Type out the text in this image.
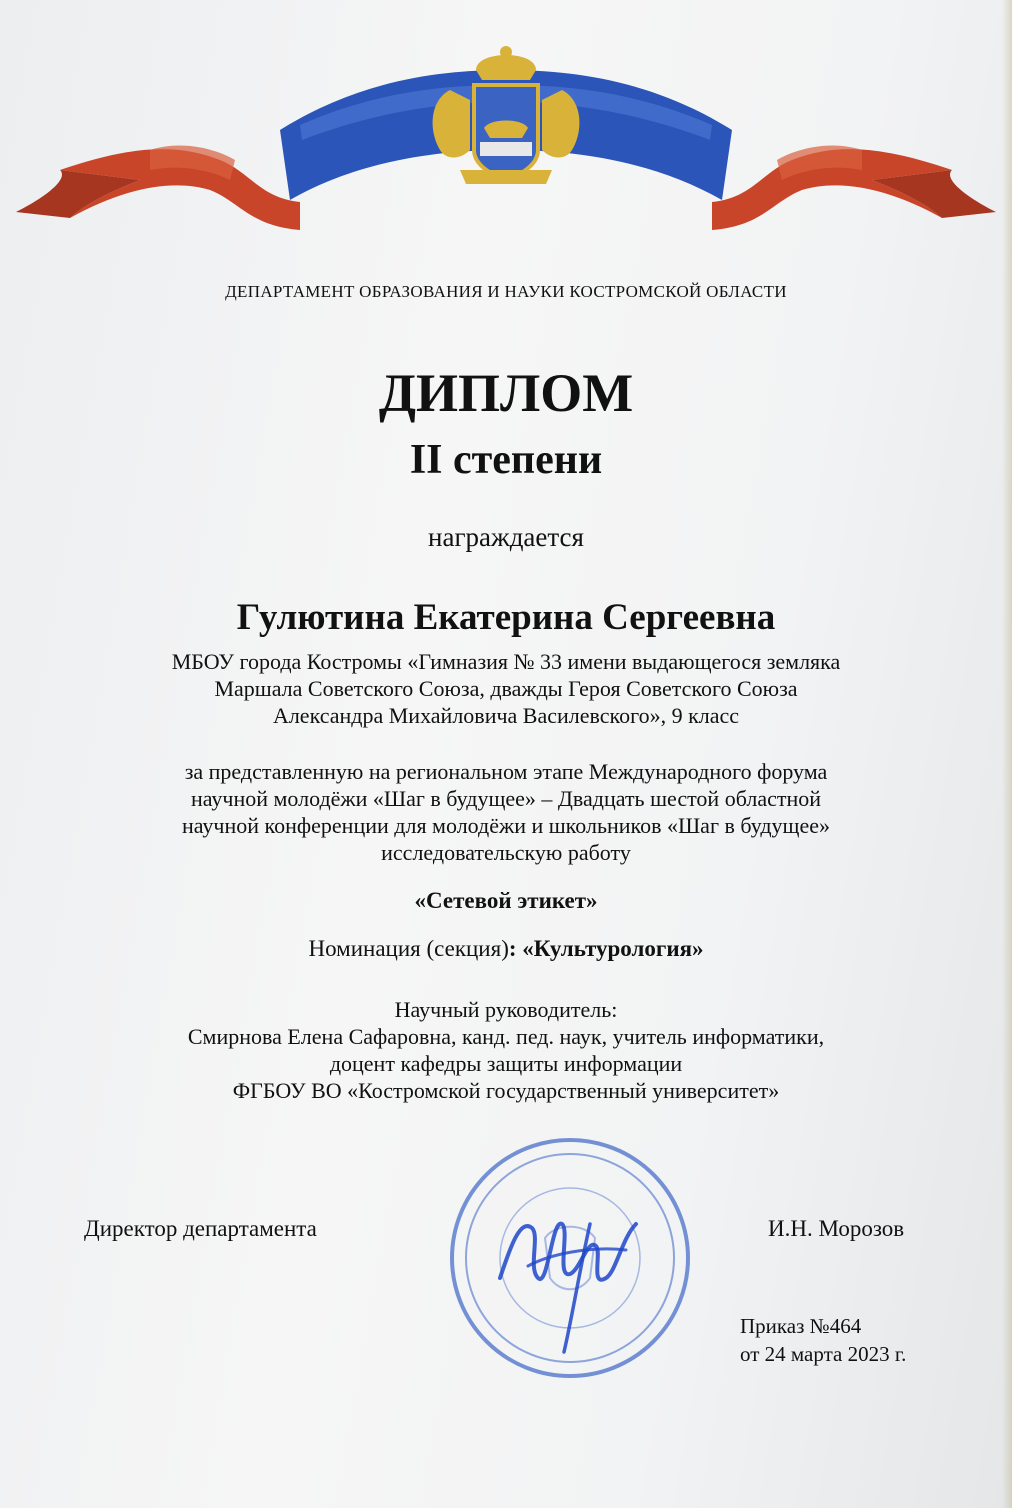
ДЕПАРТАМЕНТ ОБРАЗОВАНИЯ И НАУКИ КОСТРОМСКОЙ ОБЛАСТИ

ДИПЛОМ

II степени

награждается

Гулютина Екатерина Сергеевна

МБОУ города Костромы «Гимназия № 33 имени выдающегося земляка
Маршала Советского Союза, дважды Героя Советского Союза
Александра Михайловича Василевского», 9 класс
за представленную на региональном этапе Международного форума
научной молодёжи «Шаг в будущее» – Двадцать шестой областной
научной конференции для молодёжи и школьников «Шаг в будущее»
исследовательскую работу

«Сетевой этикет»

Номинация (секция): «Культурология»

Научный руководитель:
Смирнова Елена Сафаровна, канд. пед. наук, учитель информатики,
доцент кафедры защиты информации
ФГБОУ ВО «Костромской государственный университет»

Директор департамента	И.Н. Морозов

Приказ №464
от 24 марта 2023 г.
